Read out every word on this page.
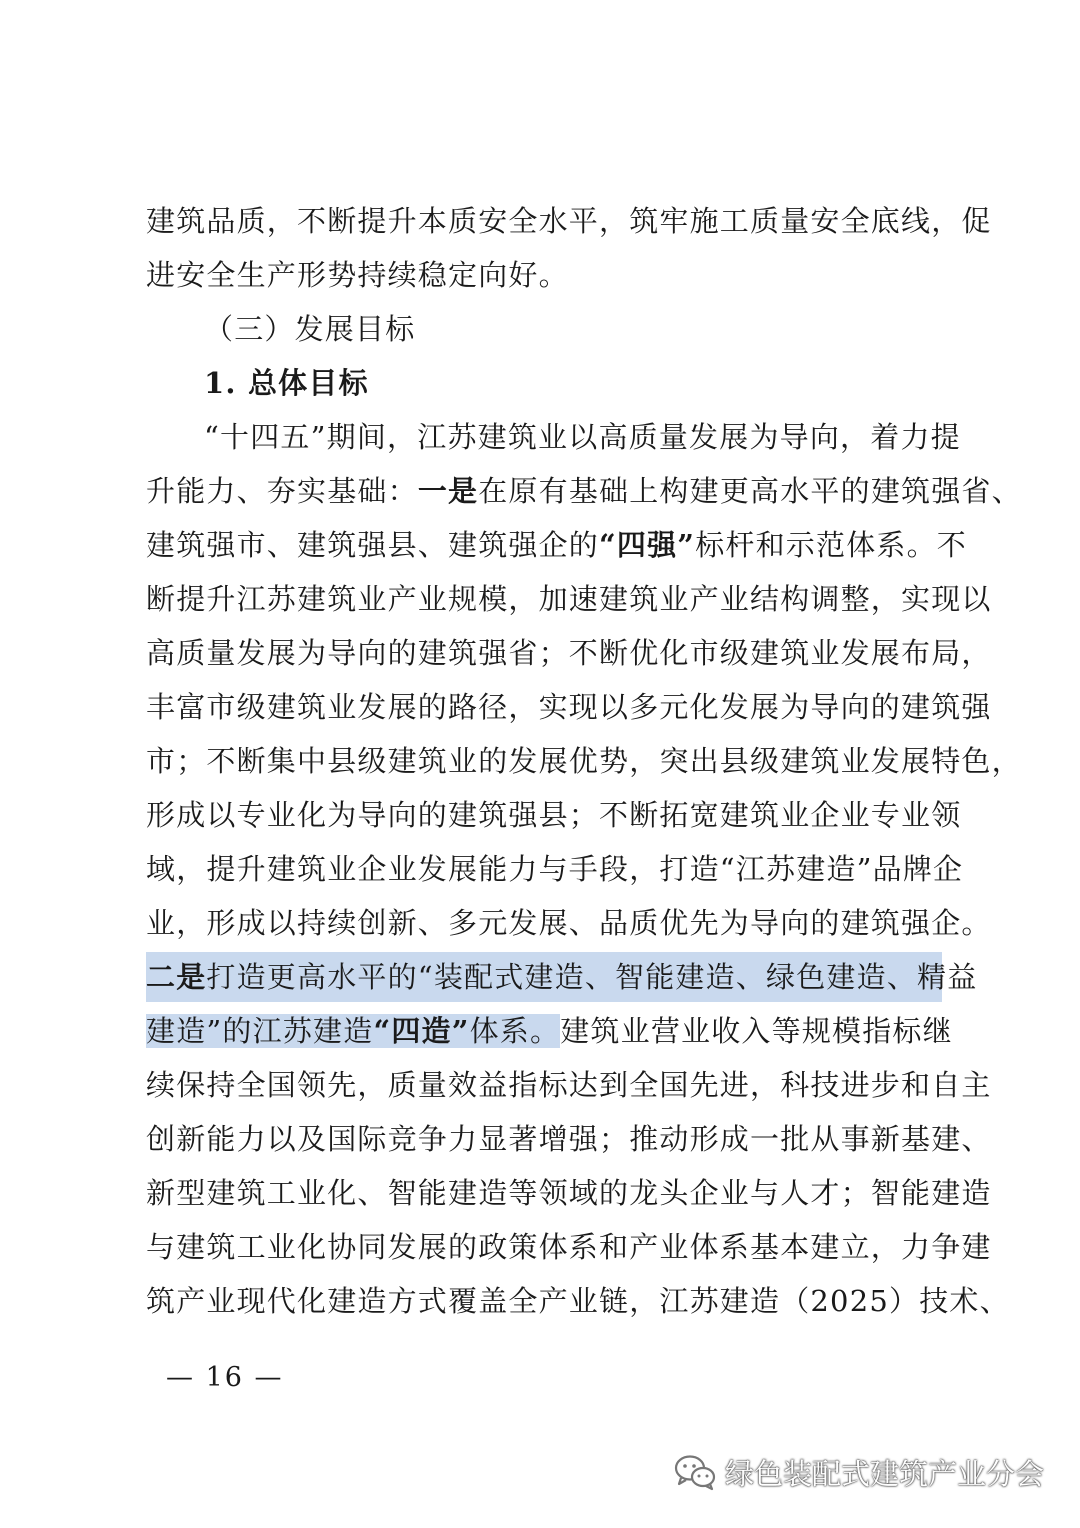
建筑品质，不断提升本质安全水平，筑牢施工质量安全底线，促
进安全生产形势持续稳定向好。
（三）发展目标
1. 总体目标
“十四五”期间，江苏建筑业以高质量发展为导向，着力提
升能力、夯实基础：一是在原有基础上构建更高水平的建筑强省、
建筑强市、建筑强县、建筑强企的“四强”标杆和示范体系。不
断提升江苏建筑业产业规模，加速建筑业产业结构调整，实现以
高质量发展为导向的建筑强省；不断优化市级建筑业发展布局，
丰富市级建筑业发展的路径，实现以多元化发展为导向的建筑强
市；不断集中县级建筑业的发展优势，突出县级建筑业发展特色，
形成以专业化为导向的建筑强县；不断拓宽建筑业企业专业领
域，提升建筑业企业发展能力与手段，打造“江苏建造”品牌企
业，形成以持续创新、多元发展、品质优先为导向的建筑强企。
二是打造更高水平的“装配式建造、智能建造、绿色建造、精益
建造”的江苏建造“四造”体系。建筑业营业收入等规模指标继
续保持全国领先，质量效益指标达到全国先进，科技进步和自主
创新能力以及国际竞争力显著增强；推动形成一批从事新基建、
新型建筑工业化、智能建造等领域的龙头企业与人才；智能建造
与建筑工业化协同发展的政策体系和产业体系基本建立，力争建
筑产业现代化建造方式覆盖全产业链，江苏建造（2025）技术、
— 16 —
绿色装配式建筑产业分会
